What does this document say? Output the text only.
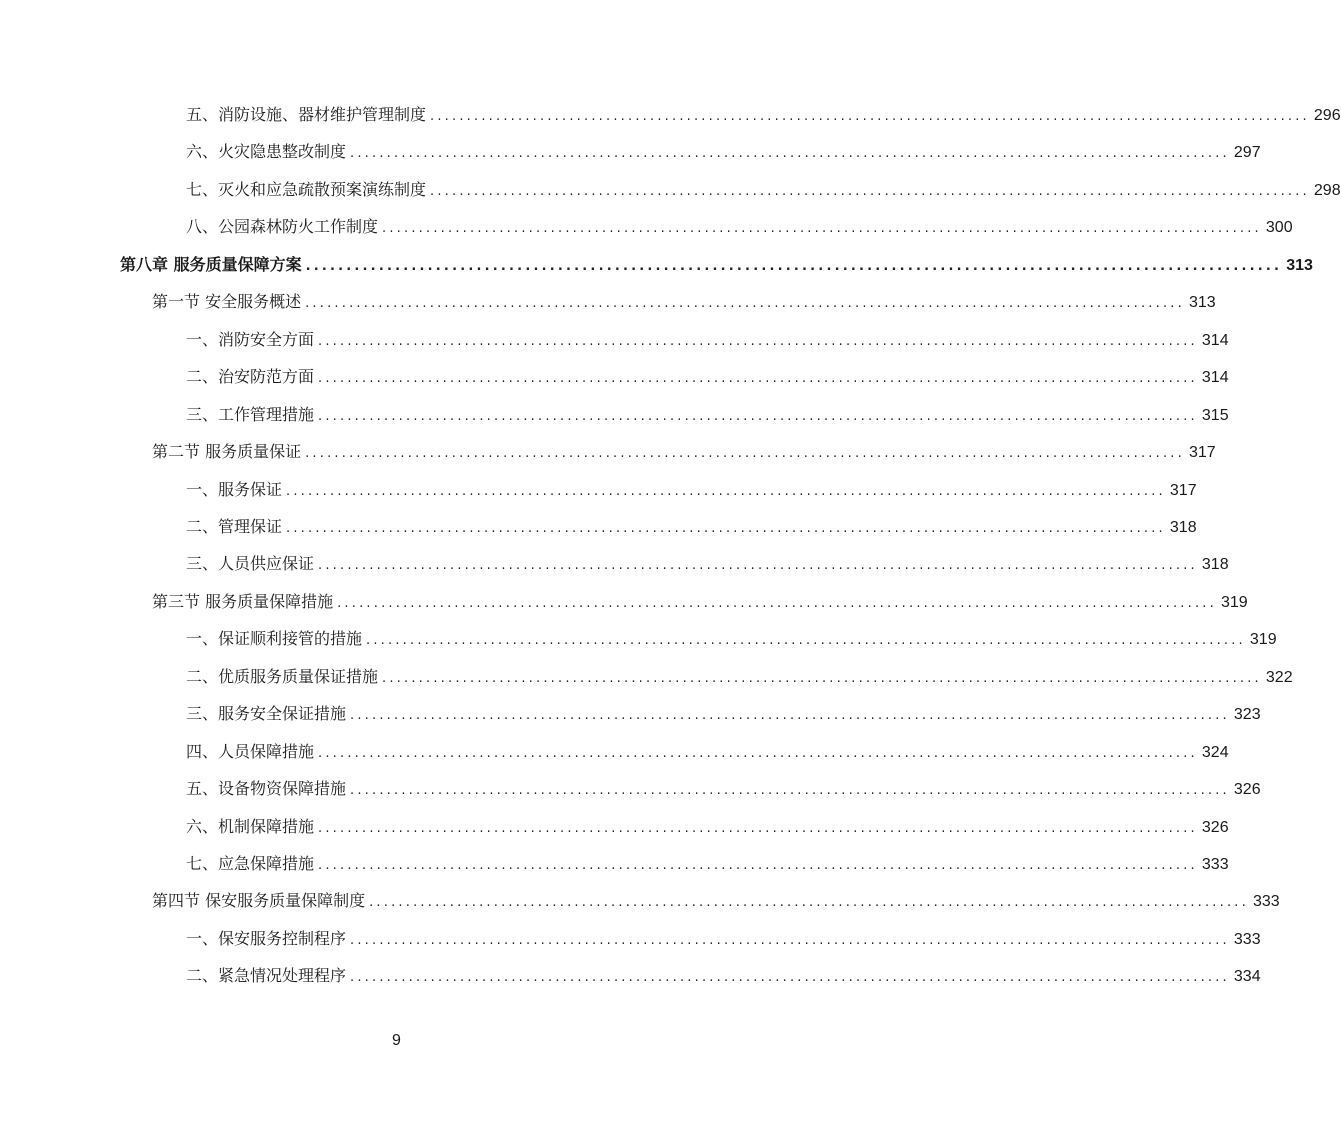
五、消防设施、器材维护管理制度 ........................................................................................................................ 296
六、火灾隐患整改制度 ........................................................................................................................ 297
七、灭火和应急疏散预案演练制度 ........................................................................................................................ 298
八、公园森林防火工作制度 ........................................................................................................................ 300
第八章 服务质量保障方案 ........................................................................................................................ 313
第一节 安全服务概述 ........................................................................................................................ 313
一、消防安全方面 ........................................................................................................................ 314
二、治安防范方面 ........................................................................................................................ 314
三、工作管理措施 ........................................................................................................................ 315
第二节 服务质量保证 ........................................................................................................................ 317
一、服务保证 ........................................................................................................................ 317
二、管理保证 ........................................................................................................................ 318
三、人员供应保证 ........................................................................................................................ 318
第三节 服务质量保障措施 ........................................................................................................................ 319
一、保证顺利接管的措施 ........................................................................................................................ 319
二、优质服务质量保证措施 ........................................................................................................................ 322
三、服务安全保证措施 ........................................................................................................................ 323
四、人员保障措施 ........................................................................................................................ 324
五、设备物资保障措施 ........................................................................................................................ 326
六、机制保障措施 ........................................................................................................................ 326
七、应急保障措施 ........................................................................................................................ 333
第四节 保安服务质量保障制度 ........................................................................................................................ 333
一、保安服务控制程序 ........................................................................................................................ 333
二、紧急情况处理程序 ........................................................................................................................ 334
9
